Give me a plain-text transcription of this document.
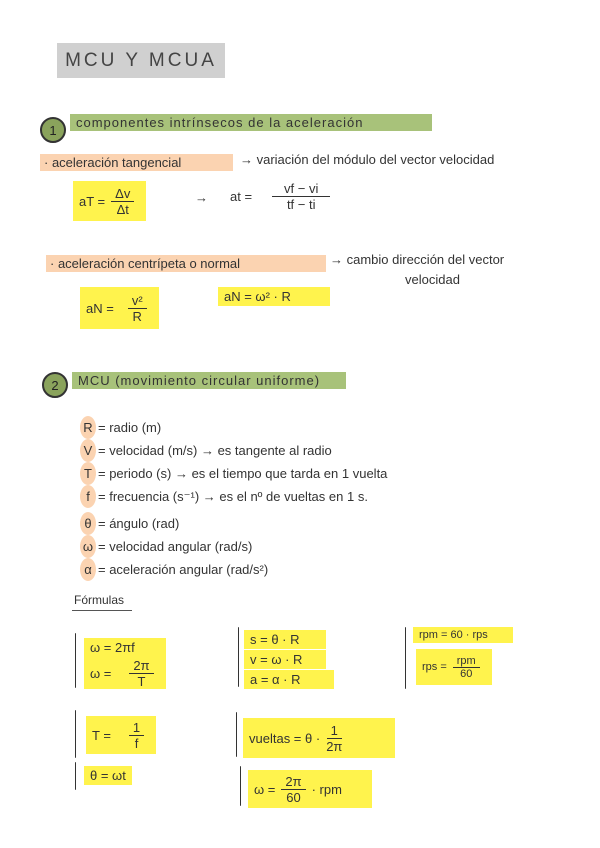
MCU Y MCUA
1	componentes intrínsecos de la aceleración
· aceleración tangencial	→ variación del módulo del vector velocidad
aT = $\frac{\Delta v}{\Delta t}$	→ at = $\frac{vf - vi}{tf - ti}$
· aceleración centrípeta o normal	→ cambio dirección del vector
velocidad
aN = $\frac{\text{v²}}{R}$	aN = ω² · R
2	MCU (movimiento circular uniforme)
R = radio (m)
V = velocidad (m/s) → es tangente al radio
T = periodo (s) → es el tiempo que tarda en 1 vuelta
f = frecuencia (s⁻¹) → es el nº de vueltas en 1 s.
θ = ángulo (rad)
ω = velocidad angular (rad/s)
α = aceleración angular (rad/s²)
Fórmulas
ω = 2πf
$\omega = \frac{2\pi}{T}$
s = θ · R
v = ω · R
a = α · R
rpm = 60 · rps
rps = $\frac{\text{rpm}}{60}$
$T = \frac{1}{f}$
θ = ωt
vueltas = $\theta \cdot \frac{1}{2\pi}$
$\omega = \frac{2\pi}{60}$ · rpm
